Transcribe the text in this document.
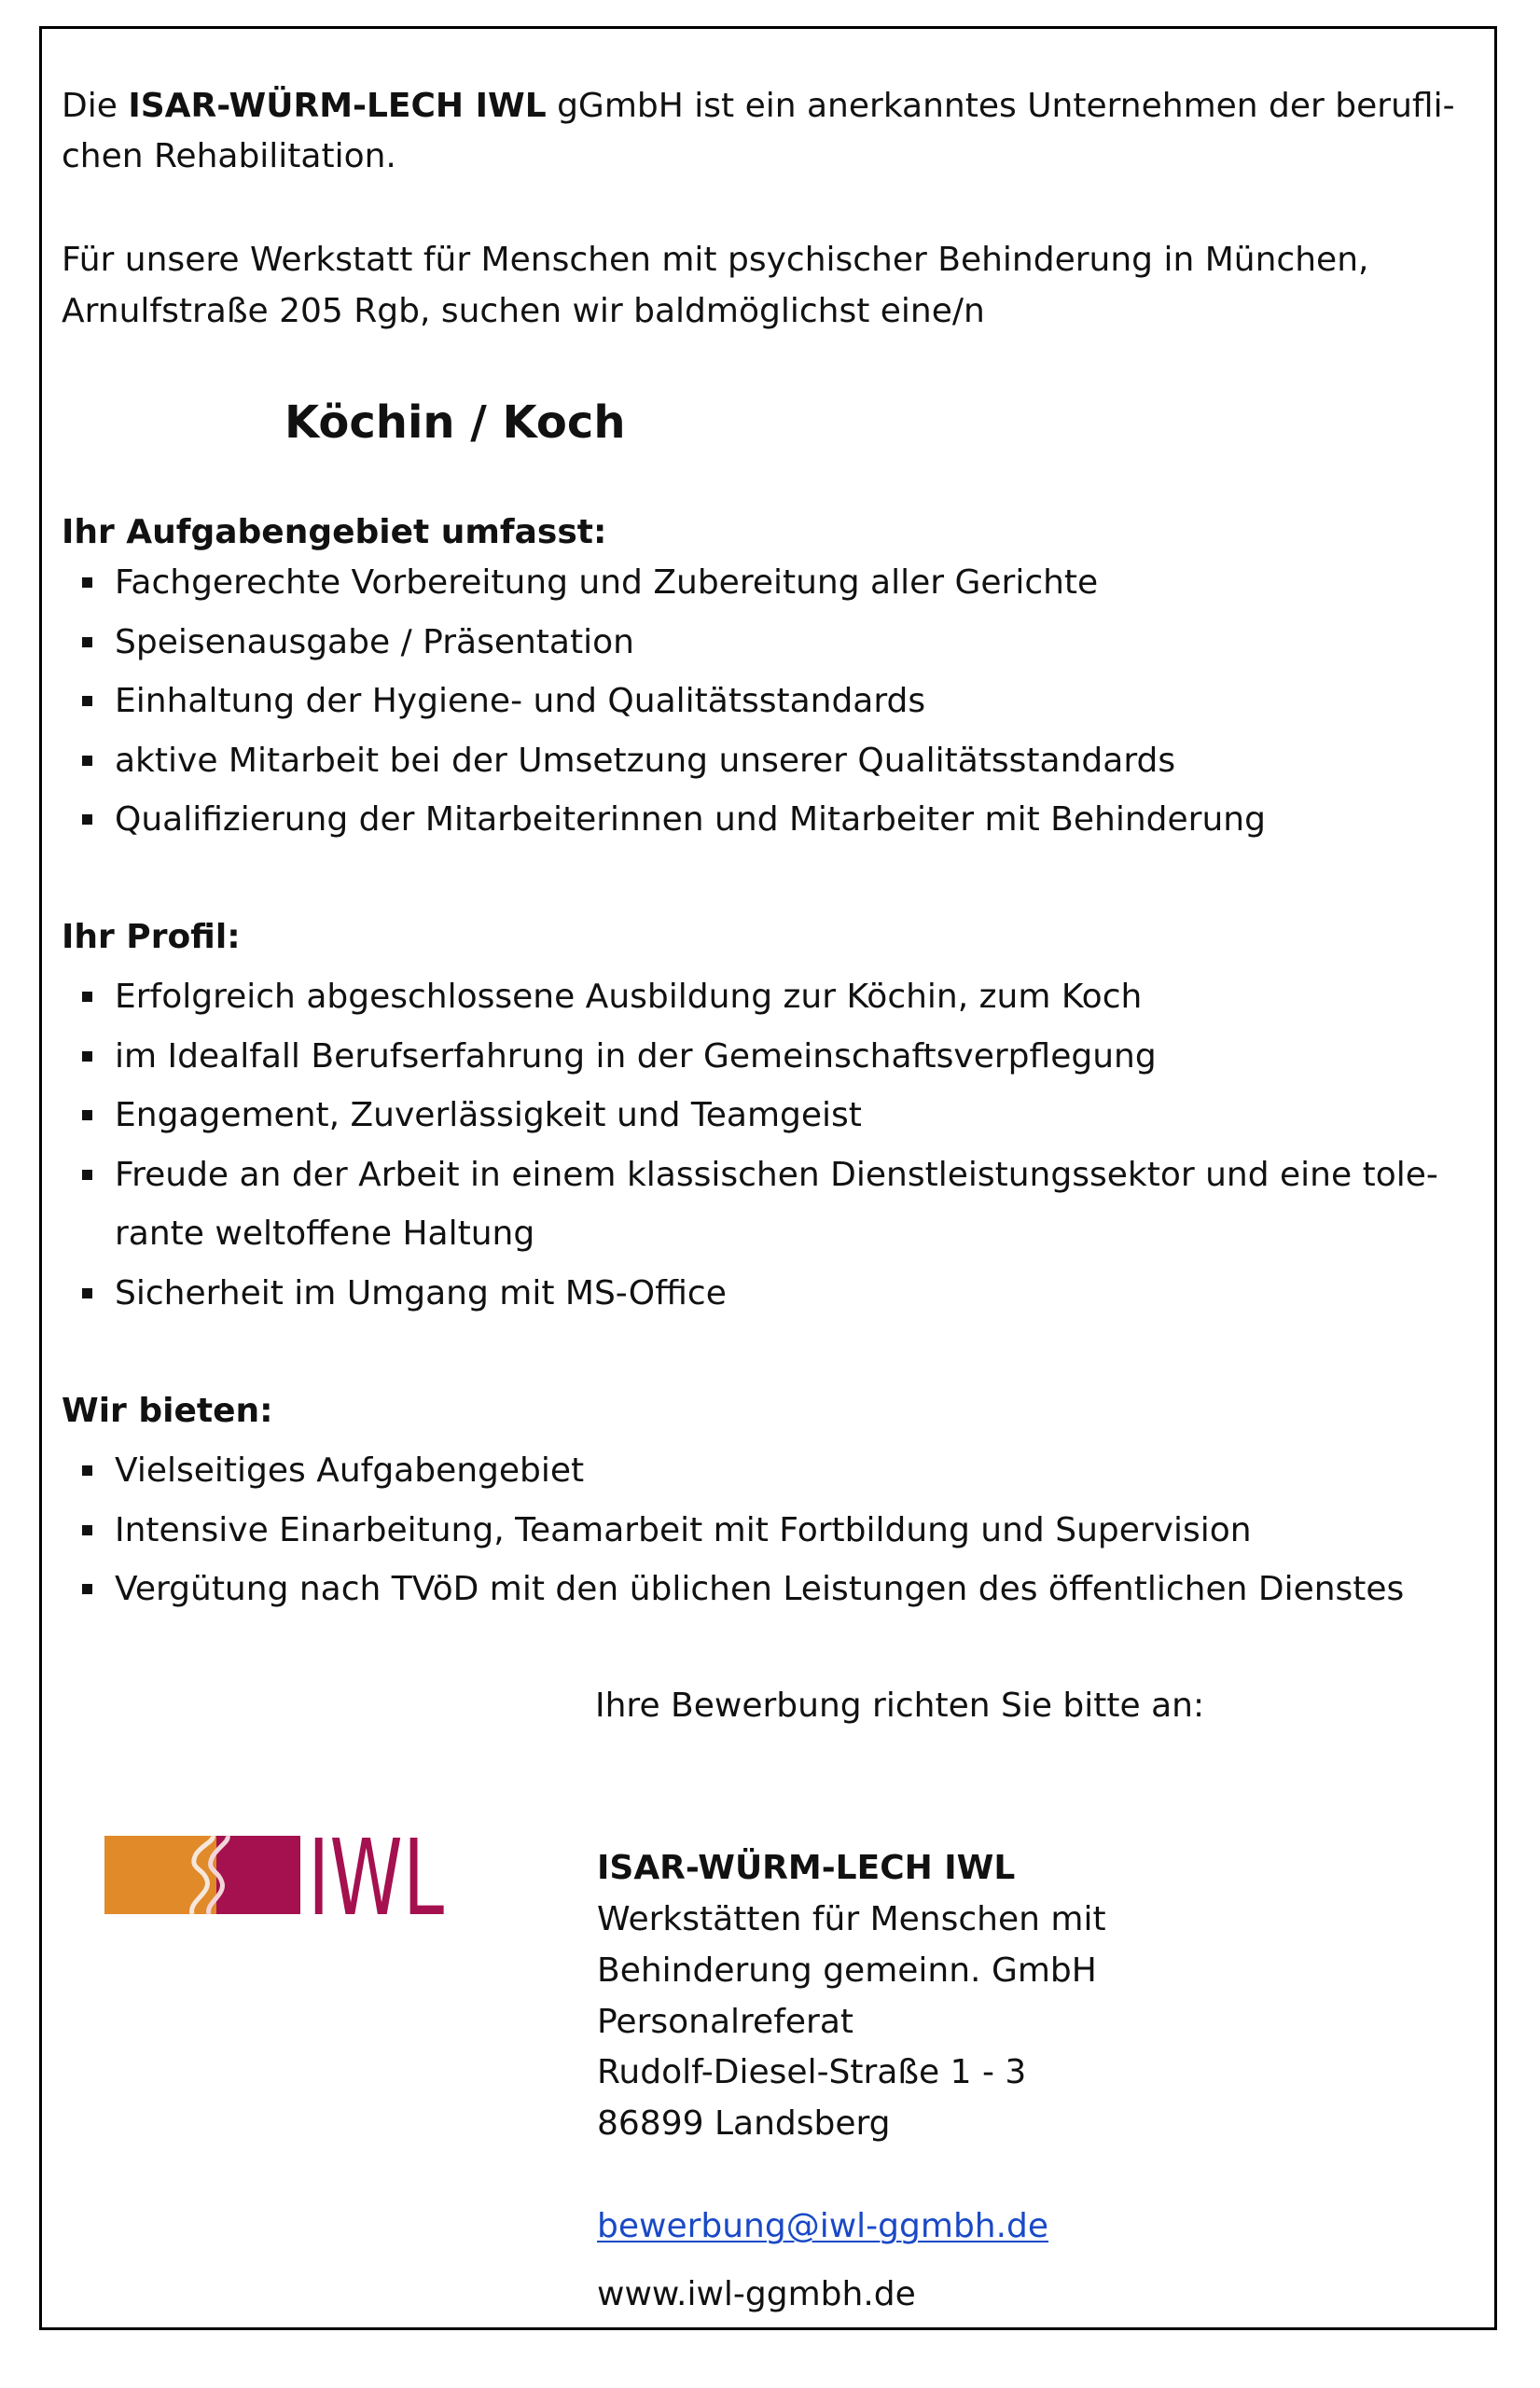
Die ISAR-WÜRM-LECH IWL gGmbH ist ein anerkanntes Unternehmen der berufli-
chen Rehabilitation.
Für unsere Werkstatt für Menschen mit psychischer Behinderung in München,
Arnulfstraße 205 Rgb, suchen wir baldmöglichst eine/n
Köchin / Koch
Ihr Aufgabengebiet umfasst:
Fachgerechte Vorbereitung und Zubereitung aller Gerichte
Speisenausgabe / Präsentation
Einhaltung der Hygiene- und Qualitätsstandards
aktive Mitarbeit bei der Umsetzung unserer Qualitätsstandards
Qualifizierung der Mitarbeiterinnen und Mitarbeiter mit Behinderung
Ihr Profil:
Erfolgreich abgeschlossene Ausbildung zur Köchin, zum Koch
im Idealfall Berufserfahrung in der Gemeinschaftsverpflegung
Engagement, Zuverlässigkeit und Teamgeist
Freude an der Arbeit in einem klassischen Dienstleistungssektor und eine tole-
rante weltoffene Haltung
Sicherheit im Umgang mit MS-Office
Wir bieten:
Vielseitiges Aufgabengebiet
Intensive Einarbeitung, Teamarbeit mit Fortbildung und Supervision
Vergütung nach TVöD mit den üblichen Leistungen des öffentlichen Dienstes
Ihre Bewerbung richten Sie bitte an:
IWL	ISAR-WÜRM-LECH IWL
Werkstätten für Menschen mit
Behinderung gemeinn. GmbH
Personalreferat
Rudolf-Diesel-Straße 1 - 3
86899 Landsberg
bewerbung@iwl-ggmbh.de
www.iwl-ggmbh.de
